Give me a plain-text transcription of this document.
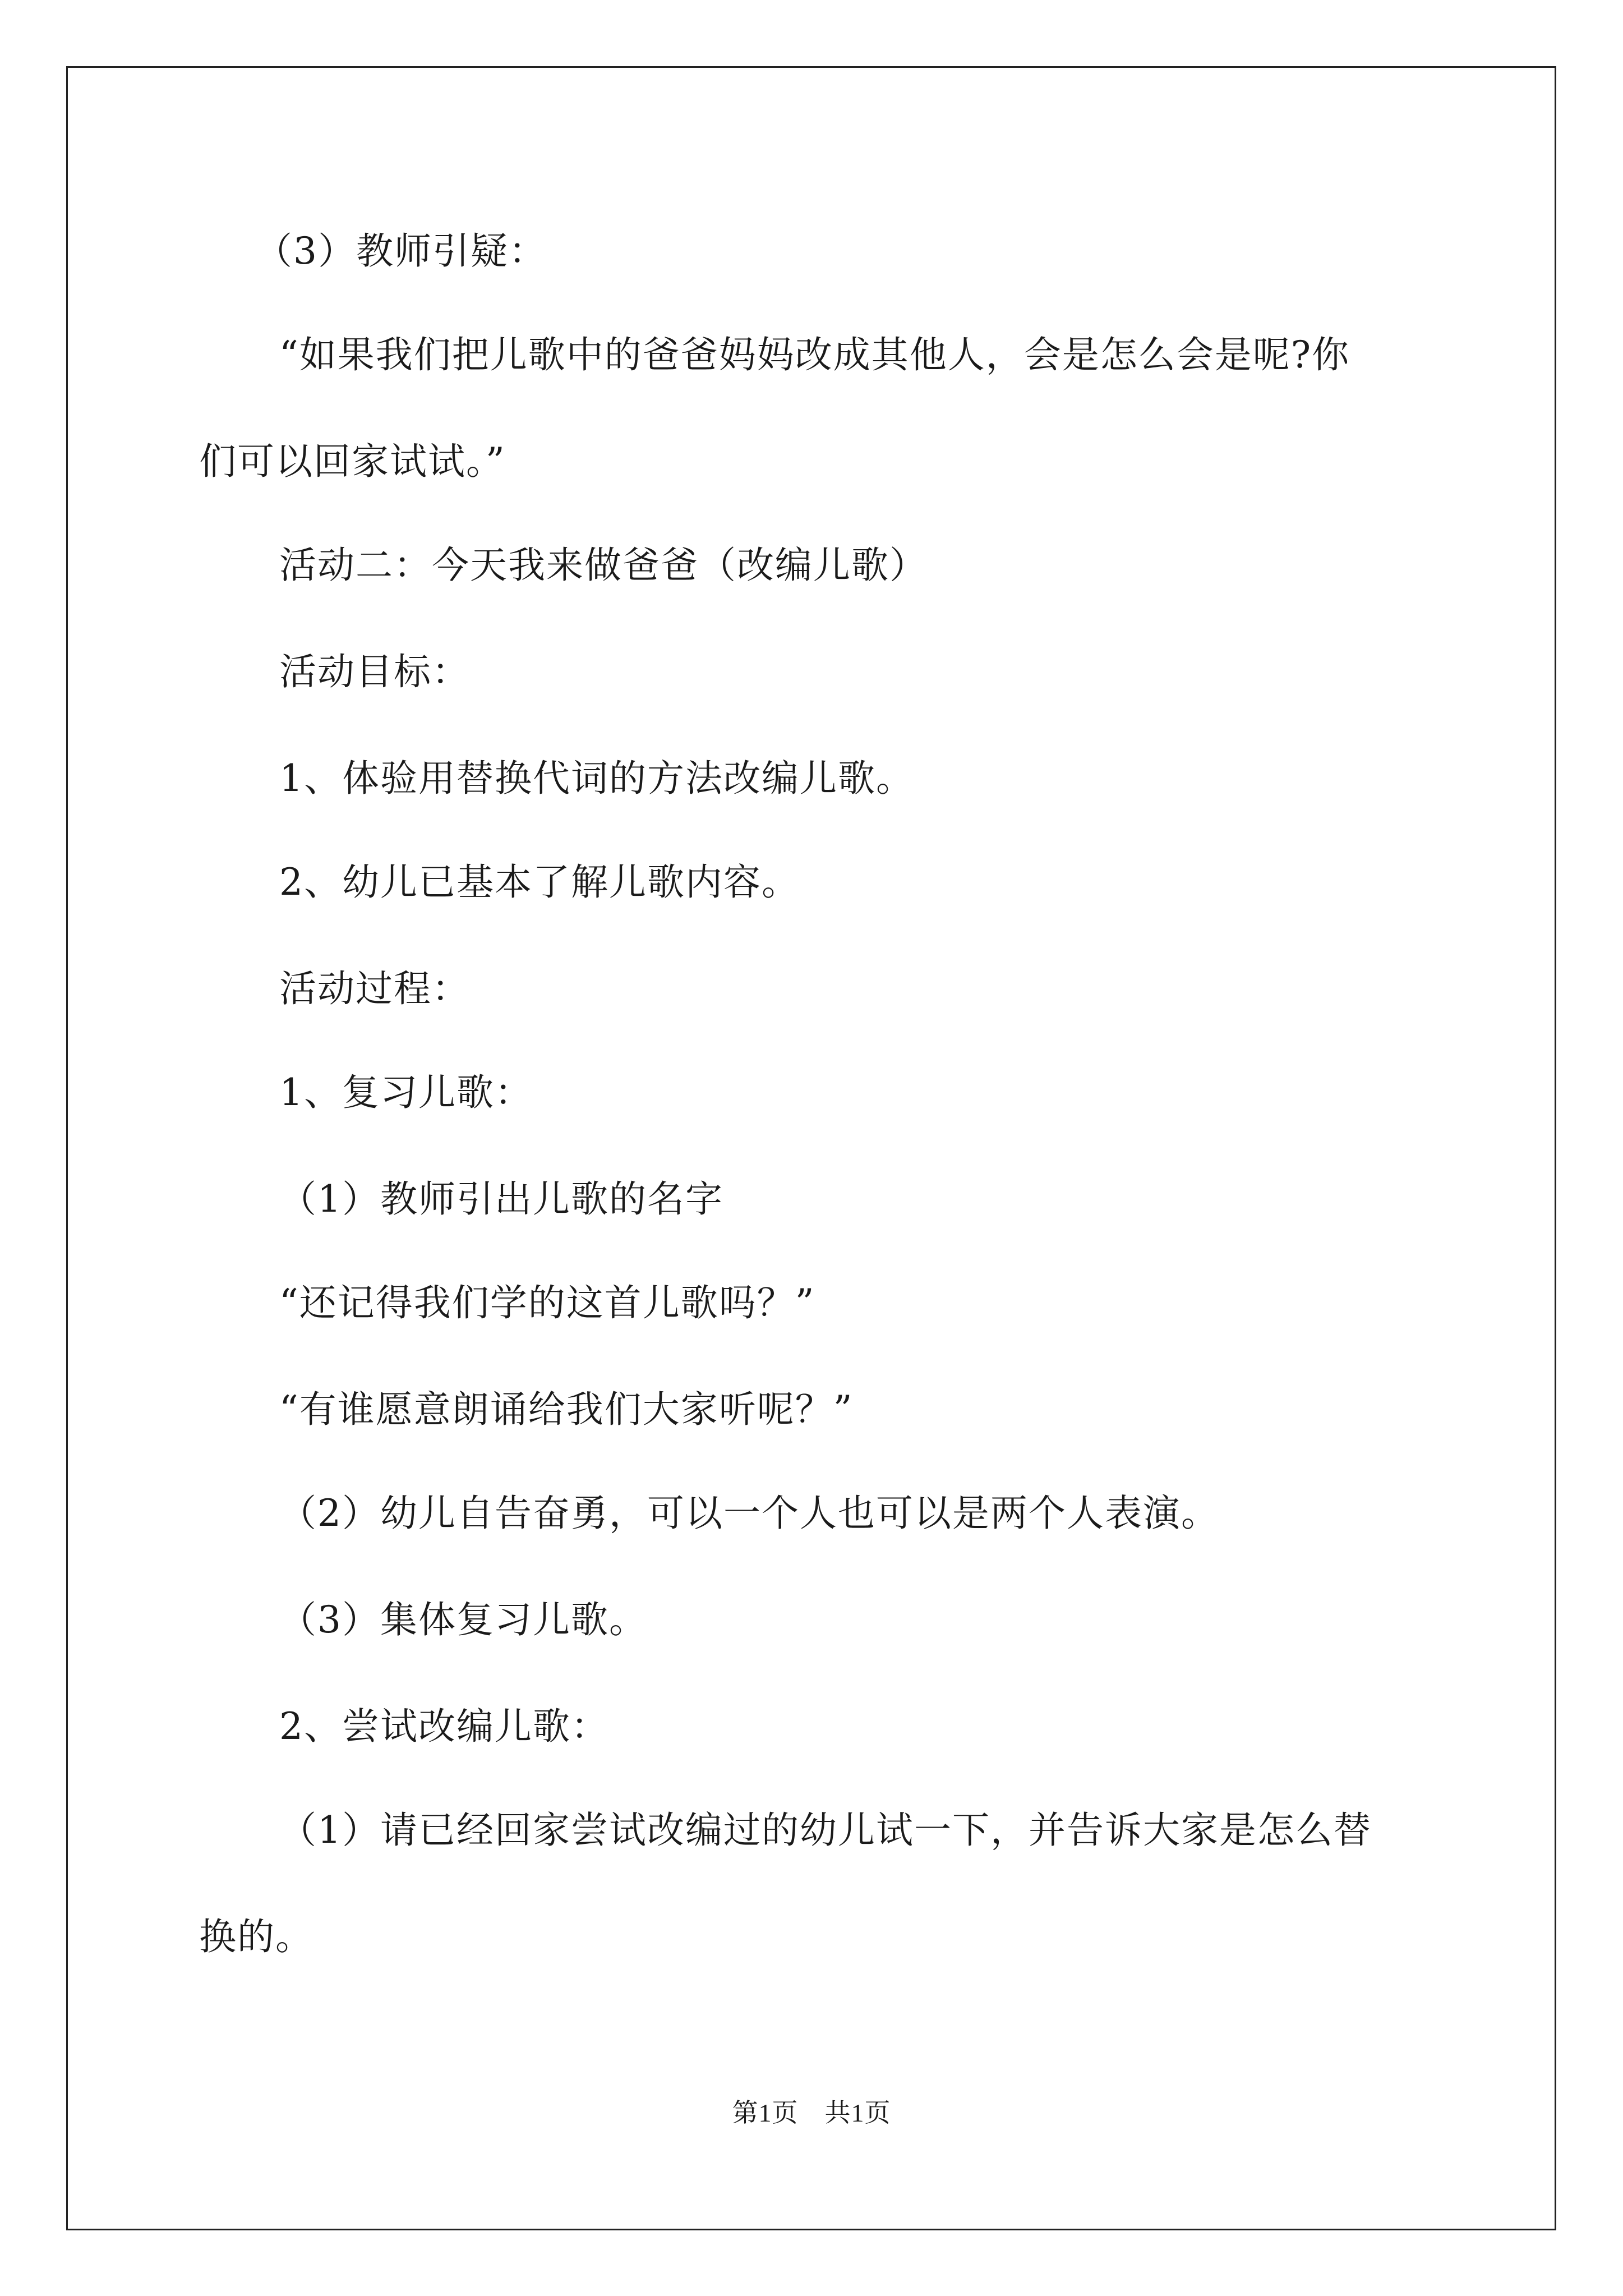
（3）教师引疑：
“如果我们把儿歌中的爸爸妈妈改成其他人，会是怎么会是呢?你
们可以回家试试。”
活动二：今天我来做爸爸（改编儿歌）
活动目标：
1、体验用替换代词的方法改编儿歌。
2、幼儿已基本了解儿歌内容。
活动过程：
1、复习儿歌：
（1）教师引出儿歌的名字
“还记得我们学的这首儿歌吗？”
“有谁愿意朗诵给我们大家听呢？”
（2）幼儿自告奋勇，可以一个人也可以是两个人表演。
（3）集体复习儿歌。
2、尝试改编儿歌：
（1）请已经回家尝试改编过的幼儿试一下，并告诉大家是怎么替
换的。
第1页　共1页
